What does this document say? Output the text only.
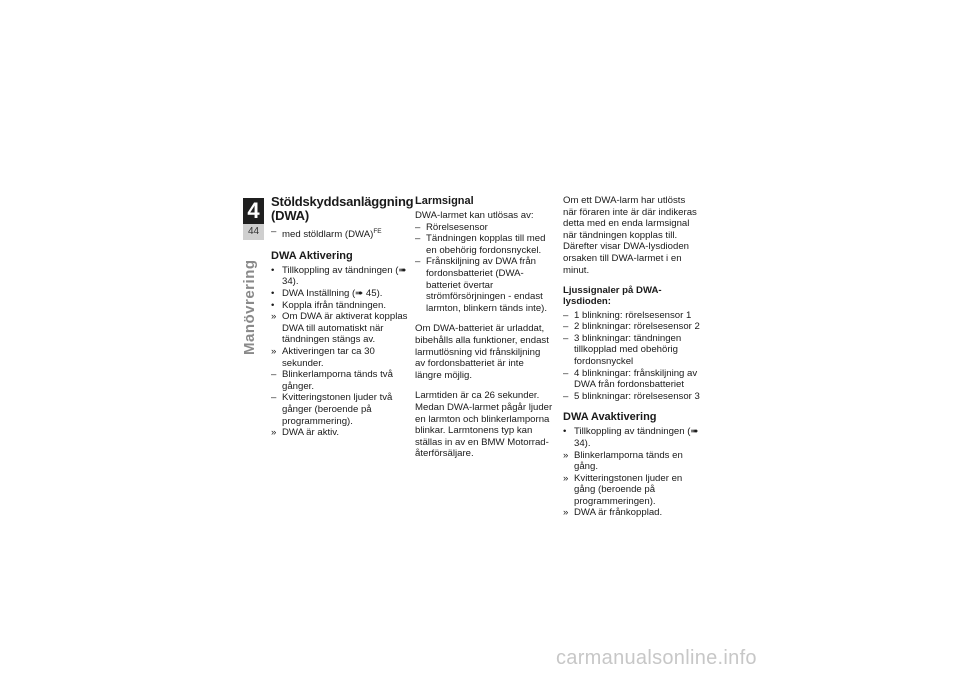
4
44
Manövrering
Stöldskyddsanläggning (DWA)
– med stöldlarm (DWA)$^{FE}$
DWA Aktivering
• Tillkoppling av tändningen (➠ 34).
• DWA Inställning (➠ 45).
• Koppla ifrån tändningen.
» Om DWA är aktiverat kopplas DWA till automatiskt när tändningen stängs av.
» Aktiveringen tar ca 30 sekunder.
– Blinkerlamporna tänds två gånger.
– Kvitteringstonen ljuder två gånger (beroende på programmering).
» DWA är aktiv.
Larmsignal

DWA-larmet kan utlösas av:

– Rörelsesensor
– Tändningen kopplas till med en obehörig fordonsnyckel.
– Frånskiljning av DWA från fordonsbatteriet (DWA-batteriet övertar strömförsörjningen - endast larmton, blinkern tänds inte).

Om DWA-batteriet är urladdat, bibehålls alla funktioner, endast larmutlösning vid frånskiljning av fordonsbatteriet är inte längre möjlig.

Larmtiden är ca 26 sekunder. Medan DWA-larmet pågår ljuder en larmton och blinkerlamporna blinkar. Larmtonens typ kan ställas in av en BMW Motorrad-återförsäljare.

Om ett DWA-larm har utlösts när föraren inte är där indikeras detta med en enda larmsignal när tändningen kopplas till. Därefter visar DWA-lysdioden orsaken till DWA-larmet i en minut.

Ljussignaler på DWA-lysdioden:
– 1 blinkning: rörelsesensor 1
– 2 blinkningar: rörelsesensor 2
– 3 blinkningar: tändningen tillkopplad med obehörig fordonsnyckel
– 4 blinkningar: frånskiljning av DWA från fordonsbatteriet
– 5 blinkningar: rörelsesensor 3
DWA Avaktivering
• Tillkoppling av tändningen (➠ 34).
» Blinkerlamporna tänds en gång.
» Kvitteringstonen ljuder en gång (beroende på programmeringen).
» DWA är frånkopplad.
carmanualsonline.info
